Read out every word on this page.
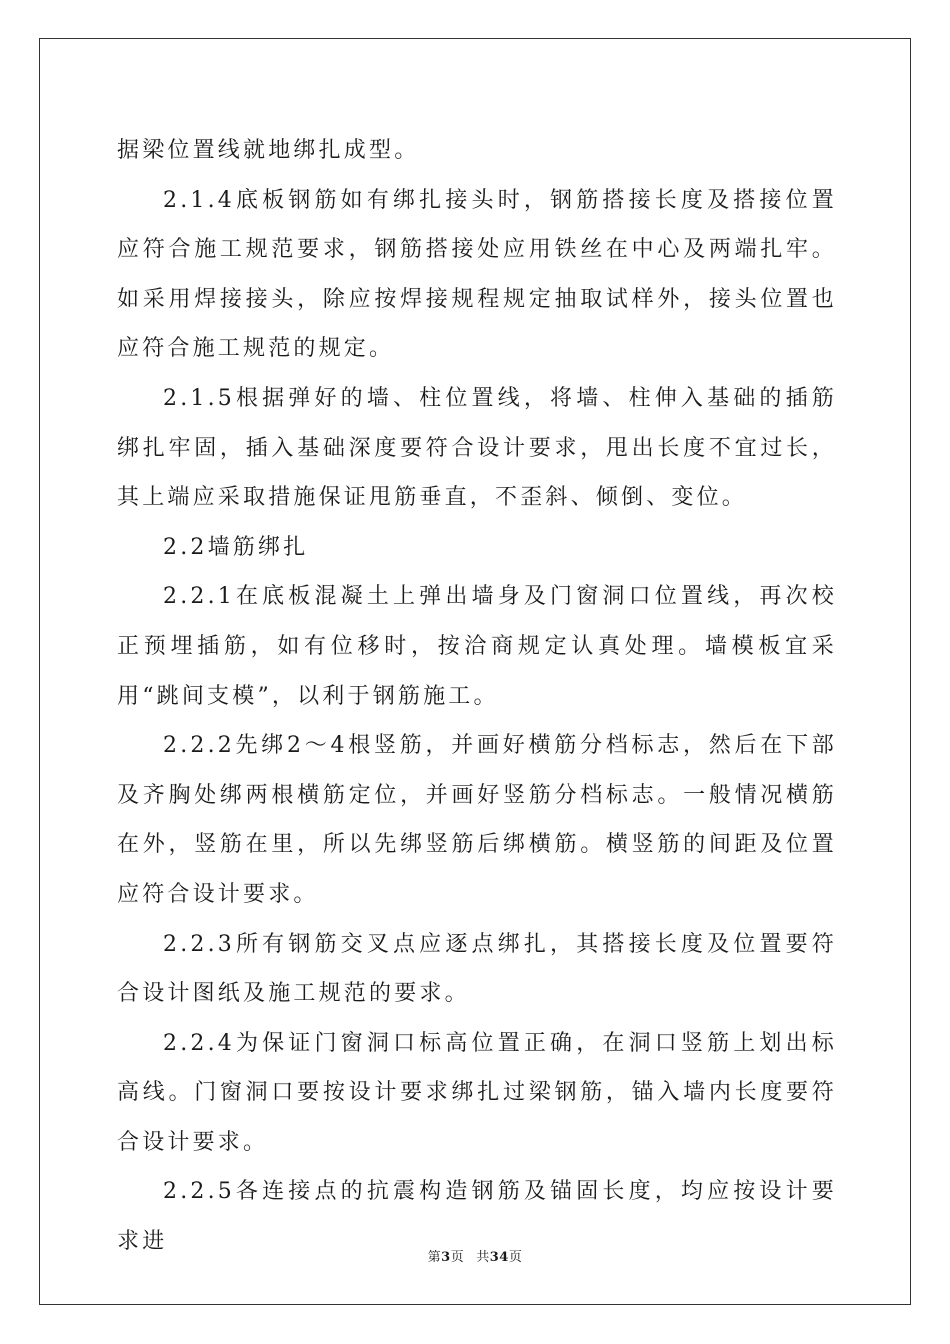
据梁位置线就地绑扎成型。

2.1.4底板钢筋如有绑扎接头时，钢筋搭接长度及搭接位置应符合施工规范要求，钢筋搭接处应用铁丝在中心及两端扎牢。如采用焊接接头，除应按焊接规程规定抽取试样外，接头位置也应符合施工规范的规定。

2.1.5根据弹好的墙、柱位置线，将墙、柱伸入基础的插筋绑扎牢固，插入基础深度要符合设计要求，甩出长度不宜过长，其上端应采取措施保证甩筋垂直，不歪斜、倾倒、变位。

2.2墙筋绑扎

2.2.1在底板混凝土上弹出墙身及门窗洞口位置线，再次校正预埋插筋，如有位移时，按洽商规定认真处理。墙模板宜采用“跳间支模”，以利于钢筋施工。

2.2.2先绑2～4根竖筋，并画好横筋分档标志，然后在下部及齐胸处绑两根横筋定位，并画好竖筋分档标志。一般情况横筋在外，竖筋在里，所以先绑竖筋后绑横筋。横竖筋的间距及位置应符合设计要求。

2.2.3所有钢筋交叉点应逐点绑扎，其搭接长度及位置要符合设计图纸及施工规范的要求。

2.2.4为保证门窗洞口标高位置正确，在洞口竖筋上划出标高线。门窗洞口要按设计要求绑扎过梁钢筋，锚入墙内长度要符合设计要求。

2.2.5各连接点的抗震构造钢筋及锚固长度，均应按设计要求进

第3页 共34页
